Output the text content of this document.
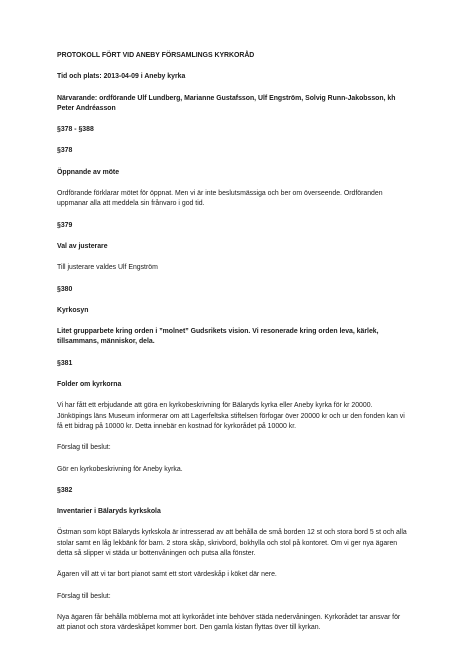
PROTOKOLL FÖRT VID ANEBY FÖRSAMLINGS KYRKORÅD

Tid och plats: 2013-04-09 i Aneby kyrka

Närvarande: ordförande Ulf Lundberg, Marianne Gustafsson, Ulf Engström, Solvig Runn-Jakobsson, kh Peter Andréasson

§378 - §388

§378

Öppnande av möte

Ordförande förklarar mötet för öppnat. Men vi är inte beslutsmässiga och ber om överseende. Ordföranden uppmanar alla att meddela sin frånvaro i god tid.

§379

Val av justerare

Till justerare valdes Ulf Engström

§380

Kyrkosyn

Litet grupparbete kring orden i ”molnet” Gudsrikets vision. Vi resonerade kring orden leva, kärlek, tillsammans, människor, dela.

§381

Folder om kyrkorna

Vi har fått ett erbjudande att göra en kyrkobeskrivning för Bälaryds kyrka eller Aneby kyrka för kr 20000. Jönköpings läns Museum informerar om att Lagerfeltska stiftelsen förfogar över 20000 kr och ur den fonden kan vi få ett bidrag på 10000 kr. Detta innebär en kostnad för kyrkorådet på 10000 kr.

Förslag till beslut:

Gör en kyrkobeskrivning för Aneby kyrka.

§382

Inventarier i Bälaryds kyrkskola

Östman som köpt Bälaryds kyrkskola är intresserad av att behålla de små borden 12 st och stora bord 5 st och alla stolar samt en låg lekbänk för barn. 2 stora skåp, skrivbord, bokhylla och stol på kontoret. Om vi ger nya ägaren detta så slipper vi städa ur bottenvåningen och putsa alla fönster.

Ägaren vill att vi tar bort pianot samt ett stort värdeskåp i köket där nere.

Förslag till beslut:

Nya ägaren får behålla möblerna mot att kyrkorådet inte behöver städa nedervåningen. Kyrkorådet tar ansvar för att pianot och stora värdeskåpet kommer bort. Den gamla kistan flyttas över till kyrkan.
